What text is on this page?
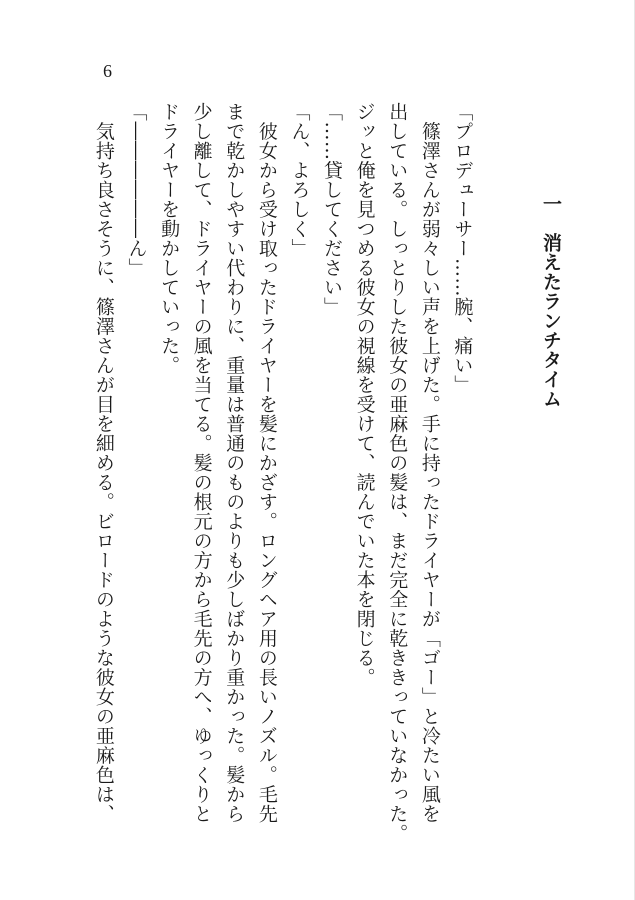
6
一　消えたランチタイム
「プロデューサー……腕、痛い」
　篠澤さんが弱々しい声を上げた。手に持ったドライヤーが「ゴー」と冷たい風を
出している。しっとりした彼女の亜麻色の髪は、まだ完全に乾ききっていなかった。
ジッと俺を見つめる彼女の視線を受けて、読んでいた本を閉じる。
「……貸してください」
「ん、よろしく」
　彼女から受け取ったドライヤーを髪にかざす。ロングヘア用の長いノズル。毛先
まで乾かしやすい代わりに、重量は普通のものよりも少しばかり重かった。髪から
少し離して、ドライヤーの風を当てる。髪の根元の方から毛先の方へ、ゆっくりと
ドライヤーを動かしていった。
「――――――ん」
　気持ち良さそうに、篠澤さんが目を細める。ビロードのような彼女の亜麻色は、
